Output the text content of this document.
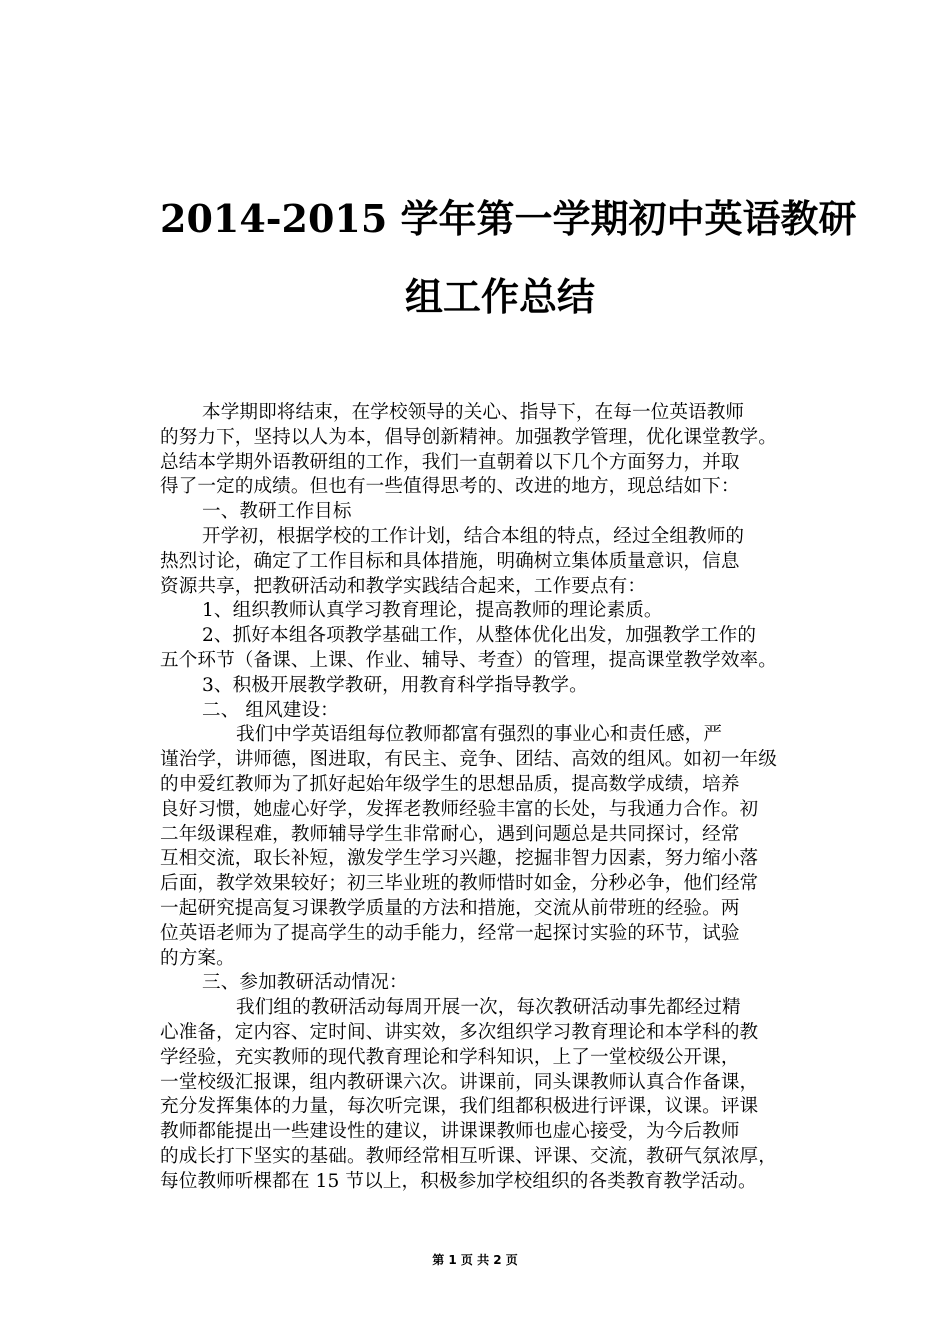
2014-2015 学年第一学期初中英语教研
组工作总结
本学期即将结束，在学校领导的关心、指导下，在每一位英语教师
的努力下，坚持以人为本，倡导创新精神。加强教学管理，优化课堂教学。
总结本学期外语教研组的工作，我们一直朝着以下几个方面努力，并取
得了一定的成绩。但也有一些值得思考的、改进的地方，现总结如下：
一、教研工作目标
开学初，根据学校的工作计划，结合本组的特点，经过全组教师的
热烈讨论，确定了工作目标和具体措施，明确树立集体质量意识，信息
资源共享，把教研活动和教学实践结合起来，工作要点有：
1、组织教师认真学习教育理论，提高教师的理论素质。
2、抓好本组各项教学基础工作，从整体优化出发，加强教学工作的
五个环节（备课、上课、作业、辅导、考查）的管理，提高课堂教学效率。
3、积极开展教学教研，用教育科学指导教学。
二、 组风建设：
我们中学英语组每位教师都富有强烈的事业心和责任感，严
谨治学，讲师德，图进取，有民主、竞争、团结、高效的组风。如初一年级
的申爱红教师为了抓好起始年级学生的思想品质，提高数学成绩，培养
良好习惯，她虚心好学，发挥老教师经验丰富的长处，与我通力合作。初
二年级课程难，教师辅导学生非常耐心，遇到问题总是共同探讨，经常
互相交流，取长补短，激发学生学习兴趣，挖掘非智力因素，努力缩小落
后面，教学效果较好；初三毕业班的教师惜时如金，分秒必争，他们经常
一起研究提高复习课教学质量的方法和措施，交流从前带班的经验。两
位英语老师为了提高学生的动手能力，经常一起探讨实验的环节，试验
的方案。
三、参加教研活动情况：
我们组的教研活动每周开展一次，每次教研活动事先都经过精
心准备，定内容、定时间、讲实效，多次组织学习教育理论和本学科的教
学经验，充实教师的现代教育理论和学科知识，上了一堂校级公开课，
一堂校级汇报课，组内教研课六次。讲课前，同头课教师认真合作备课，
充分发挥集体的力量，每次听完课，我们组都积极进行评课，议课。评课
教师都能提出一些建设性的建议，讲课课教师也虚心接受，为今后教师
的成长打下坚实的基础。教师经常相互听课、评课、交流，教研气氛浓厚，
每位教师听棵都在 15 节以上，积极参加学校组织的各类教育教学活动。
第 1 页 共 2 页
